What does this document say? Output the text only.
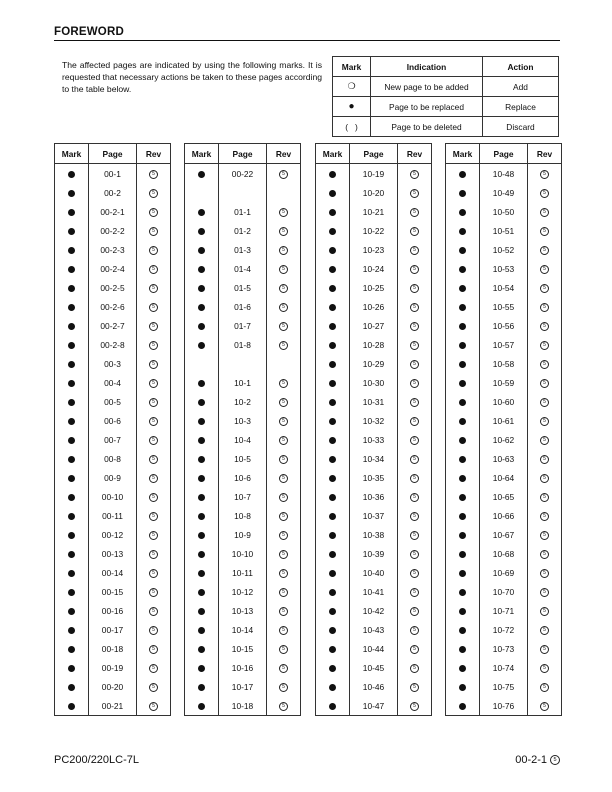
FOREWORD
The affected pages are indicated by using the following marks. It is requested that necessary actions be taken to these pages according to the table below.
Mark	Indication	Action
❍	New page to be added	Add
●	Page to be replaced	Replace
(   )	Page to be deleted	Discard
Mark	Page	Rev
	00-1	5
	00-2	5
	00-2-1	5
	00-2-2	5
	00-2-3	5
	00-2-4	5
	00-2-5	5
	00-2-6	5
	00-2-7	5
	00-2-8	5
	00-3	5
	00-4	5
	00-5	5
	00-6	5
	00-7	5
	00-8	5
	00-9	5
	00-10	5
	00-11	5
	00-12	5
	00-13	5
	00-14	5
	00-15	5
	00-16	5
	00-17	5
	00-18	5
	00-19	5
	00-20	5
	00-21	5
Mark	Page	Rev
	00-22	5

	01-1	5
	01-2	5
	01-3	5
	01-4	5
	01-5	5
	01-6	5
	01-7	5
	01-8	5

	10-1	5
	10-2	5
	10-3	5
	10-4	5
	10-5	5
	10-6	5
	10-7	5
	10-8	5
	10-9	5
	10-10	5
	10-11	5
	10-12	5
	10-13	5
	10-14	5
	10-15	5
	10-16	5
	10-17	5
	10-18	5
Mark	Page	Rev
	10-19	5
	10-20	5
	10-21	5
	10-22	5
	10-23	5
	10-24	5
	10-25	5
	10-26	5
	10-27	5
	10-28	5
	10-29	5
	10-30	5
	10-31	5
	10-32	5
	10-33	5
	10-34	5
	10-35	5
	10-36	5
	10-37	5
	10-38	5
	10-39	5
	10-40	5
	10-41	5
	10-42	5
	10-43	5
	10-44	5
	10-45	5
	10-46	5
	10-47	5
Mark	Page	Rev
	10-48	5
	10-49	5
	10-50	5
	10-51	5
	10-52	5
	10-53	5
	10-54	5
	10-55	5
	10-56	5
	10-57	5
	10-58	5
	10-59	5
	10-60	5
	10-61	5
	10-62	5
	10-63	5
	10-64	5
	10-65	5
	10-66	5
	10-67	5
	10-68	5
	10-69	5
	10-70	5
	10-71	5
	10-72	5
	10-73	5
	10-74	5
	10-75	5
	10-76	5
PC200/220LC-7L	00-2-1 5
